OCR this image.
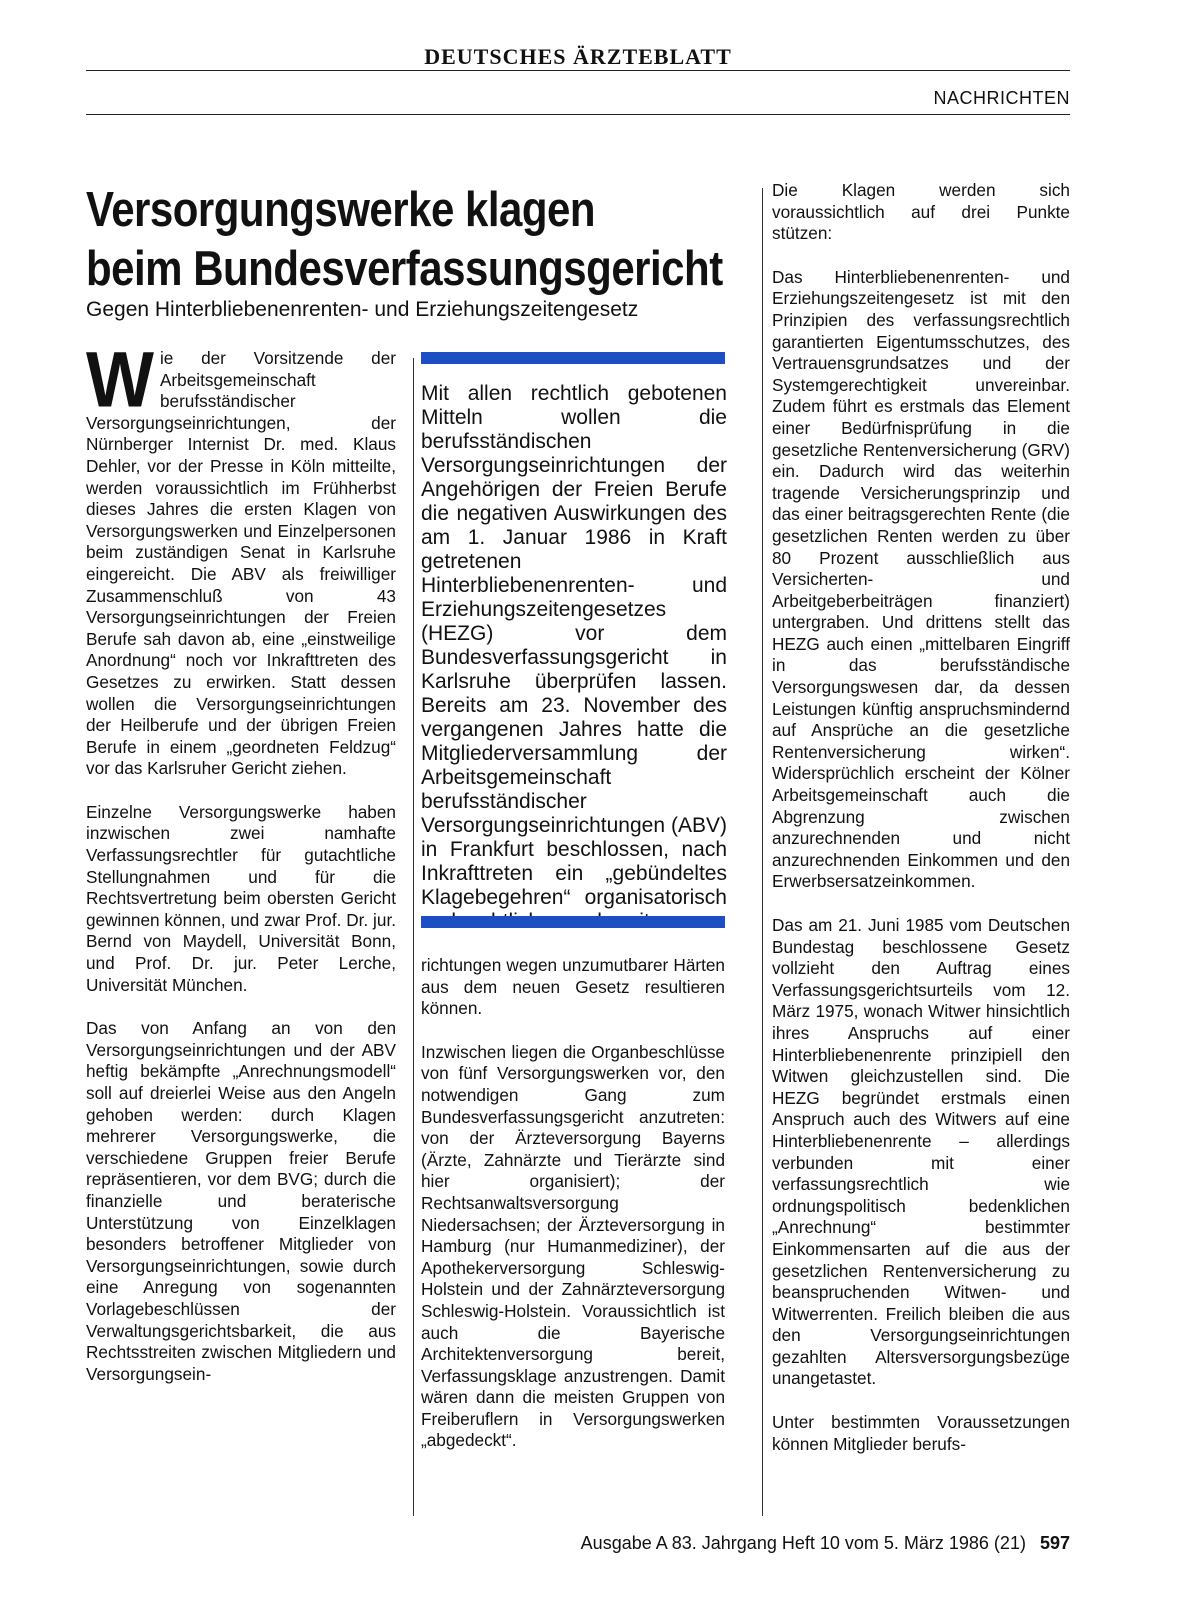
DEUTSCHES ÄRZTEBLATT
NACHRICHTEN
Versorgungswerke klagen
beim Bundesverfassungsgericht
Gegen Hinterbliebenenrenten- und Erziehungszeitengesetz

Wie der Vorsitzende der Arbeitsgemeinschaft berufsständischer Versorgungseinrichtungen, der Nürnberger Internist Dr. med. Klaus Dehler, vor der Presse in Köln mitteilte, werden voraussichtlich im Frühherbst dieses Jahres die ersten Klagen von Versorgungswerken und Einzelpersonen beim zuständigen Senat in Karlsruhe eingereicht. Die ABV als freiwilliger Zusammenschluß von 43 Versorgungseinrichtungen der Freien Berufe sah davon ab, eine „einstweilige Anordnung“ noch vor Inkrafttreten des Gesetzes zu erwirken. Statt dessen wollen die Versorgungseinrichtungen der Heilberufe und der übrigen Freien Berufe in einem „geordneten Feldzug“ vor das Karlsruher Gericht ziehen.

Einzelne Versorgungswerke haben inzwischen zwei namhafte Verfassungsrechtler für gutachtliche Stellungnahmen und für die Rechtsvertretung beim obersten Gericht gewinnen können, und zwar Prof. Dr. jur. Bernd von Maydell, Universität Bonn, und Prof. Dr. jur. Peter Lerche, Universität München.

Das von Anfang an von den Versorgungseinrichtungen und der ABV heftig bekämpfte „Anrechnungsmodell“ soll auf dreierlei Weise aus den Angeln gehoben werden: durch Klagen mehrerer Versorgungswerke, die verschiedene Gruppen freier Berufe repräsentieren, vor dem BVG; durch die finanzielle und beraterische Unterstützung von Einzelklagen besonders betroffener Mitglieder von Versorgungseinrichtungen, sowie durch eine Anregung von sogenannten Vorlagebeschlüssen der Verwaltungsgerichtsbarkeit, die aus Rechtsstreiten zwischen Mitgliedern und Versorgungsein-

Mit allen rechtlich gebotenen Mitteln wollen die berufsständischen Versorgungseinrichtungen der Angehörigen der Freien Berufe die negativen Auswirkungen des am 1. Januar 1986 in Kraft getretenen Hinterbliebenenrenten- und Erziehungszeitengesetzes (HEZG) vor dem Bundesverfassungsgericht in Karlsruhe überprüfen lassen. Bereits am 23. November des vergangenen Jahres hatte die Mitgliederversammlung der Arbeitsgemeinschaft berufsständischer Versorgungseinrichtungen (ABV) in Frankfurt beschlossen, nach Inkrafttreten ein „gebündeltes Klagebegehren“ organisatorisch

richtungen wegen unzumutbarer Härten aus dem neuen Gesetz resultieren können.

Inzwischen liegen die Organbeschlüsse von fünf Versorgungswerken vor, den notwendigen Gang zum Bundesverfassungsgericht anzutreten: von der Ärzteversorgung Bayerns (Ärzte, Zahnärzte und Tierärzte sind hier organisiert); der Rechtsanwaltsversorgung Niedersachsen; der Ärzteversorgung in Hamburg (nur Humanmediziner), der Apothekerversorgung Schleswig-Holstein und der Zahnärzteversorgung Schleswig-Holstein. Voraussichtlich ist auch die Bayerische Architektenversorgung bereit, Verfassungsklage anzustrengen. Damit wären dann die meisten Gruppen von Freiberuflern in Versorgungswerken „abgedeckt“.

Die Klagen werden sich voraussichtlich auf drei Punkte stützen:

Das Hinterbliebenenrenten- und Erziehungszeitengesetz ist mit den Prinzipien des verfassungsrechtlich garantierten Eigentumsschutzes, des Vertrauensgrundsatzes und der Systemgerechtigkeit unvereinbar. Zudem führt es erstmals das Element einer Bedürfnisprüfung in die gesetzliche Rentenversicherung (GRV) ein. Dadurch wird das weiterhin tragende Versicherungsprinzip und das einer beitragsgerechten Rente (die gesetzlichen Renten werden zu über 80 Prozent ausschließlich aus Versicherten- und Arbeitgeberbeiträgen finanziert) untergraben. Und drittens stellt das HEZG auch einen „mittelbaren Eingriff in das berufsständische Versorgungswesen dar, da dessen Leistungen künftig anspruchsmindernd auf Ansprüche an die gesetzliche Rentenversicherung wirken“. Widersprüchlich erscheint der Kölner Arbeitsgemeinschaft auch die Abgrenzung zwischen anzurechnenden und nicht anzurechnenden Einkommen und den Erwerbsersatzeinkommen.

Das am 21. Juni 1985 vom Deutschen Bundestag beschlossene Gesetz vollzieht den Auftrag eines Verfassungsgerichtsurteils vom 12. März 1975, wonach Witwer hinsichtlich ihres Anspruchs auf einer Hinterbliebenenrente prinzipiell den Witwen gleichzustellen sind. Die HEZG begründet erstmals einen Anspruch auch des Witwers auf eine Hinterbliebenenrente – allerdings verbunden mit einer verfassungsrechtlich wie ordnungspolitisch bedenklichen „Anrechnung“ bestimmter Einkommensarten auf die aus der gesetzlichen Rentenversicherung zu beanspruchenden Witwen- und Witwerrenten. Freilich bleiben die aus den Versorgungseinrichtungen gezahlten Altersversorgungsbezüge unangetastet.

Unter bestimmten Voraussetzungen können Mitglieder berufs-

Ausgabe A 83. Jahrgang Heft 10 vom 5. März 1986 (21) 597
